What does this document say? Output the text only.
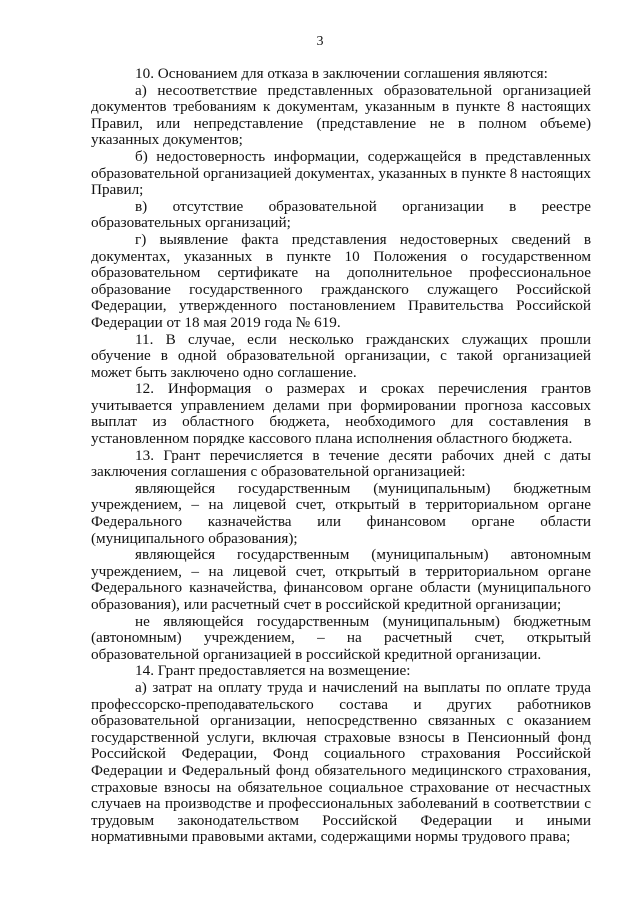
3

10. Основанием для отказа в заключении соглашения являются:

а) несоответствие представленных образовательной организацией документов требованиям к документам, указанным в пункте 8 настоящих Правил, или непредставление (представление не в полном объеме) указанных документов;

б) недостоверность информации, содержащейся в представленных образовательной организацией документах, указанных в пункте 8 настоящих Правил;

в) отсутствие образовательной организации в реестре образовательных организаций;

г) выявление факта представления недостоверных сведений в документах, указанных в пункте 10 Положения о государственном образовательном сертификате на дополнительное профессиональное образование государственного гражданского служащего Российской Федерации, утвержденного постановлением Правительства Российской Федерации от 18 мая 2019 года № 619.

11. В случае, если несколько гражданских служащих прошли обучение в одной образовательной организации, с такой организацией может быть заключено одно соглашение.

12. Информация о размерах и сроках перечисления грантов учитывается управлением делами при формировании прогноза кассовых выплат из областного бюджета, необходимого для составления в установленном порядке кассового плана исполнения областного бюджета.

13. Грант перечисляется в течение десяти рабочих дней с даты заключения соглашения с образовательной организацией:

являющейся государственным (муниципальным) бюджетным учреждением, – на лицевой счет, открытый в территориальном органе Федерального казначейства или финансовом органе области (муниципального образования);

являющейся государственным (муниципальным) автономным учреждением, – на лицевой счет, открытый в территориальном органе Федерального казначейства, финансовом органе области (муниципального образования), или расчетный счет в российской кредитной организации;

не являющейся государственным (муниципальным) бюджетным (автономным) учреждением, – на расчетный счет, открытый образовательной организацией в российской кредитной организации.

14. Грант предоставляется на возмещение:

а) затрат на оплату труда и начислений на выплаты по оплате труда профессорско-преподавательского состава и других работников образовательной организации, непосредственно связанных с оказанием государственной услуги, включая страховые взносы в Пенсионный фонд Российской Федерации, Фонд социального страхования Российской Федерации и Федеральный фонд обязательного медицинского страхования, страховые взносы на обязательное социальное страхование от несчастных случаев на производстве и профессиональных заболеваний в соответствии с трудовым законодательством Российской Федерации и иными нормативными правовыми актами, содержащими нормы трудового права;
